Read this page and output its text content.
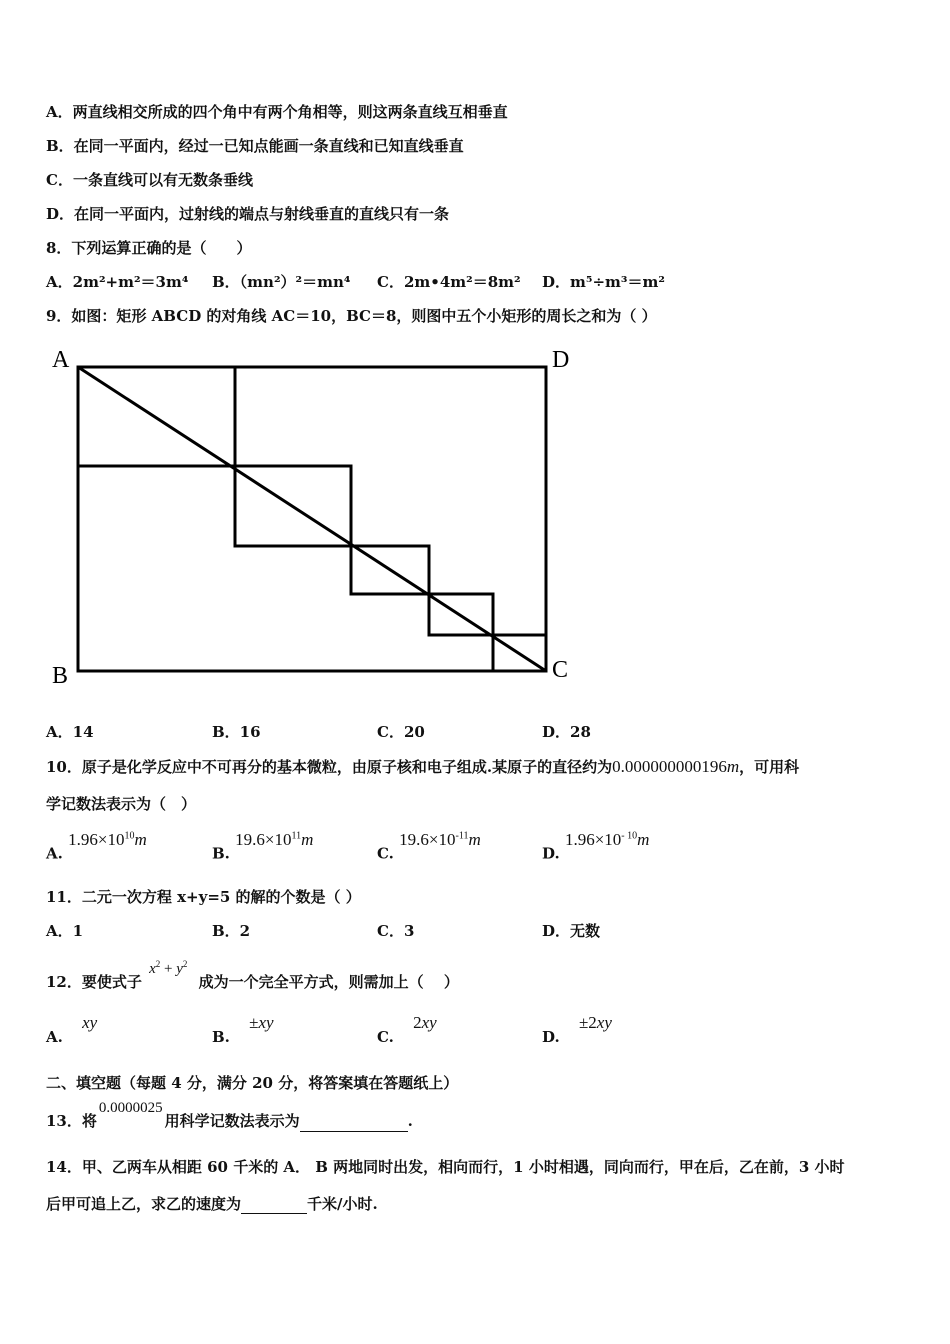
A．两直线相交所成的四个角中有两个角相等，则这两条直线互相垂直
B．在同一平面内，经过一已知点能画一条直线和已知直线垂直
C．一条直线可以有无数条垂线
D．在同一平面内，过射线的端点与射线垂直的直线只有一条
8．下列运算正确的是（　　）
A．2m²+m²＝3m⁴ B．（mn²）²＝mn⁴ C．2m•4m²＝8m² D．m⁵÷m³＝m²
9．如图：矩形 ABCD 的对角线 AC＝10，BC＝8，则图中五个小矩形的周长之和为（ ）
A	D
B	C
A．14	B．16	C．20	D．28
10．原子是化学反应中不可再分的基本微粒，由原子核和电子组成.某原子的直径约为0.000000000196m，可用科
学记数法表示为（　）
A. $1.96\times 10^{10}m$
B. $19.6\times 10^{11}m$
C. $19.6\times 10^{-11}m$
D. $1.96\times 10^{- 10}m$
11．二元一次方程 x+y=5 的解的个数是（ ）
A．1	B．2	C．3	D．无数
12．要使式子 $x^2 + y^2$ 成为一个完全平方式，则需加上（　 ）
A. xy
B. ±xy
C. 2xy
D. ±2xy
二、填空题（每题 4 分，满分 20 分，将答案填在答题纸上）
13．将0.0000025用科学记数法表示为	.
14．甲、乙两车从相距 60 千米的 A． B 两地同时出发，相向而行，1 小时相遇，同向而行，甲在后，乙在前，3 小时
后甲可追上乙，求乙的速度为	千米/小时.
